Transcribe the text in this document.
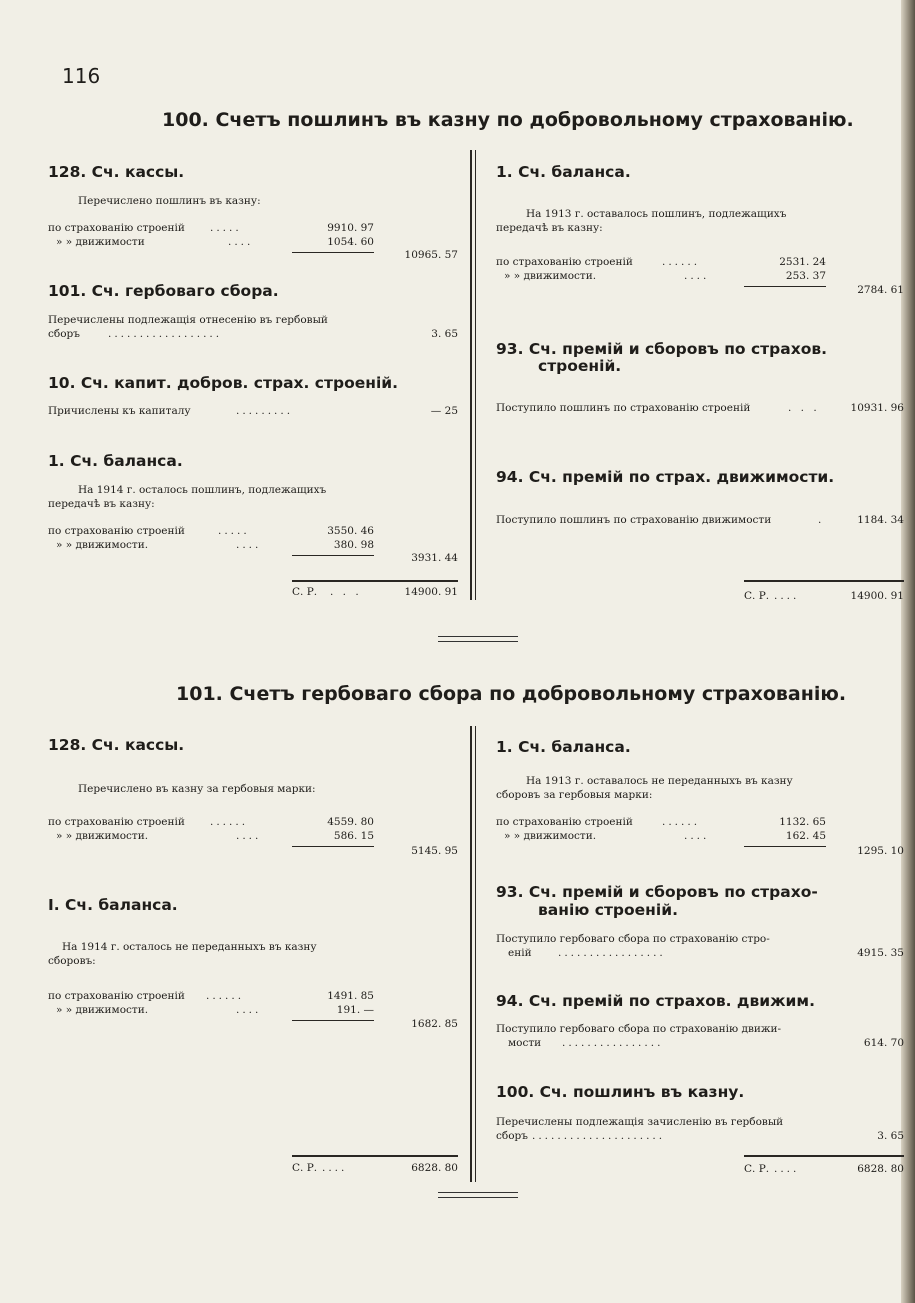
116
100. Счетъ пошлинъ въ казну по добровольному страхованію.
128. Сч. кассы.
Перечислено пошлинъ въ казну:
по страхованію строеній .....	9910. 97
» » движимости	....	1054. 60
10965. 57
101. Сч. гербоваго сбора.
Перечислены подлежащія отнесенію въ гербовый
сборъ	..................	3. 65
10. Сч. капит. добров. страх. строеній.
Причислены къ капиталу	.........	— 25
1. Сч. баланса.
На 1914 г. осталось пошлинъ, подлежащихъ
передачѣ въ казну:
по страхованію строеній	.....	3550. 46
» » движимости.	....	380. 98
3931. 44
С. Р. . . .	14900. 91
1. Сч. баланса.
На 1913 г. оставалось пошлинъ, подлежащихъ
передачѣ въ казну:
по страхованію строеній	......	2531. 24
» » движимости.	....	253. 37
2784. 61
93. Сч. премій и сборовъ по страхов.
строеній.
Поступило пошлинъ по страхованію строеній	. . .	10931. 96
94. Сч. премій по страх. движимости.
Поступило пошлинъ по страхованію движимости	.	1184. 34
С. Р. ....	14900. 91
101. Счетъ гербоваго сбора по добровольному страхованію.
128. Сч. кассы.
Перечислено въ казну за гербовыя марки:
по страхованію строеній ......	4559. 80
» » движимости.	....	586. 15
5145. 95
I. Сч. баланса.
На 1914 г. осталось не переданныхъ въ казну
сборовъ:
по страхованію строеній ......	1491. 85
» » движимости.	....	191. —
1682. 85
С. Р. ....	6828. 80
1. Сч. баланса.
На 1913 г. оставалось не переданныхъ въ казну
сборовъ за гербовыя марки:
по страхованію строеній	......	1132. 65
» » движимости.	....	162. 45
1295. 10
93. Сч. премій и сборовъ по страхо-
ванію строеній.
Поступило гербоваго сбора по страхованію стро-
еній	.................	4915. 35
94. Сч. премій по страхов. движим.
Поступило гербоваго сбора по страхованію движи-
мости ................	614. 70
100. Сч. пошлинъ въ казну.
Перечислены подлежащія зачисленію въ гербовый
сборъ .....................	3. 65
С. Р. ....	6828. 80
